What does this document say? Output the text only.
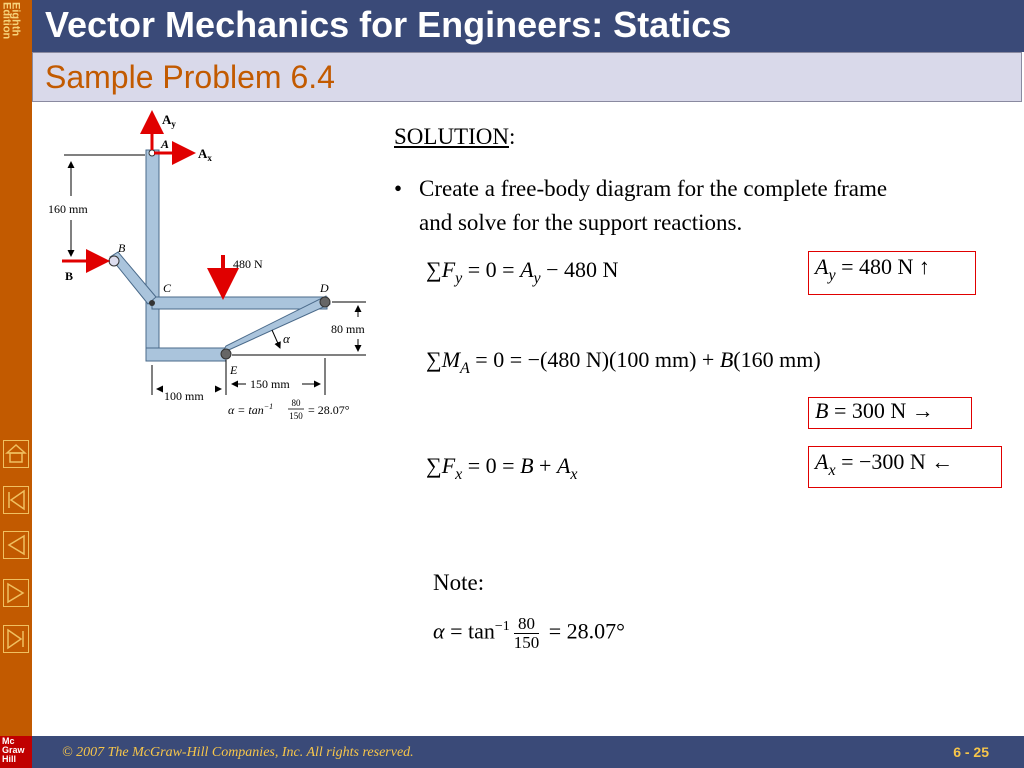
Eighth
Edition
Mc
Graw
Hill
Vector Mechanics for Engineers: Statics
Sample Problem 6.4
$A_y$
A
$A_x$
160 mm
B
B
480 N
C	D
80 mm
α
E
150 mm
100 mm
$\alpha = \tan^{-1} 80$
150 = 28.07°
SOLUTION:
• Create a free-body diagram for the complete frame
and solve for the support reactions.
$\sum F_y = 0 = A_y - 480$ N	$A_y = 480$ N ↑
$\sum M_A = 0 = -(480$ N)(100 mm) + B(160 mm)
B = 300 N →
$\sum F_x = 0 = B + A_x$
$A_x = -300$ N ←
Note:
$\alpha = \tan^{-1} \frac{80}{150} = 28.07^\circ$
© 2007 The McGraw-Hill Companies, Inc. All rights reserved.	6 - 25
